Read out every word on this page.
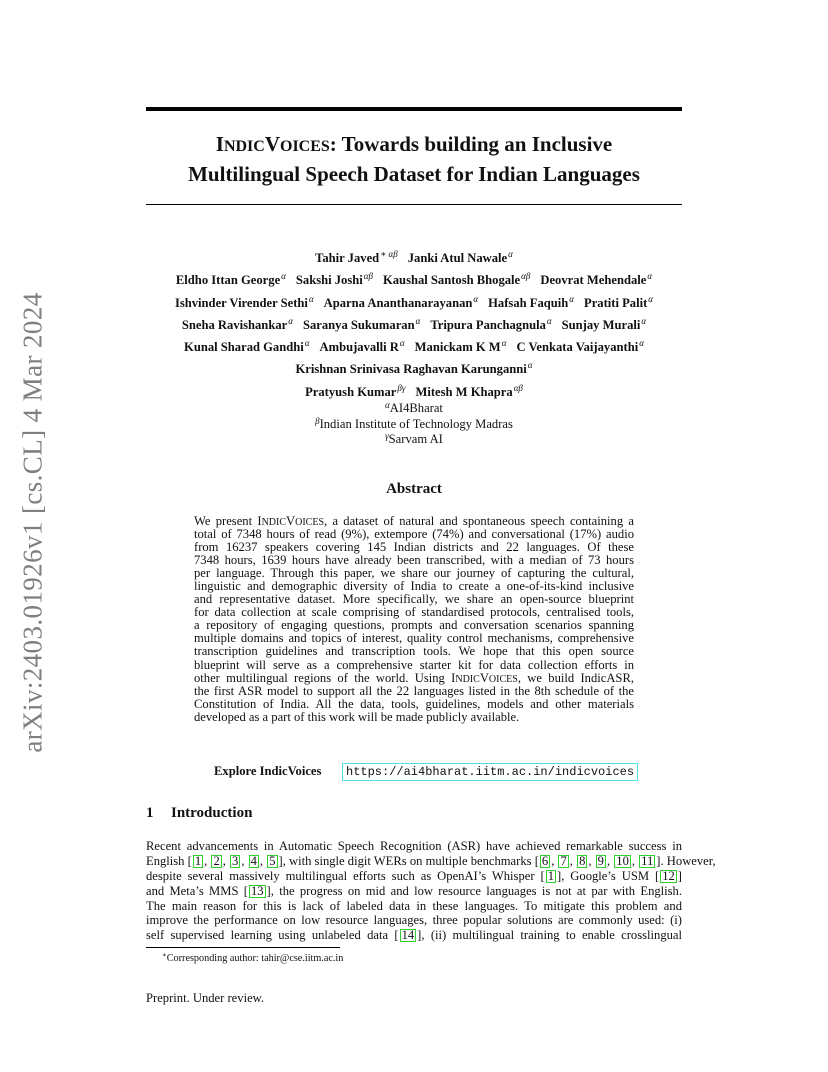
arXiv:2403.01926v1 [cs.CL] 4 Mar 2024
INDICVOICES: Towards building an Inclusive
Multilingual Speech Dataset for Indian Languages
Tahir Javed$^{∗ \alpha\beta}$ Janki Atul Nawale$^\alpha$
Eldho Ittan George$^\alpha$ Sakshi Joshi$^{\alpha\beta}$ Kaushal Santosh Bhogale$^{\alpha\beta}$ Deovrat Mehendale$^\alpha$
Ishvinder Virender Sethi$^\alpha$ Aparna Ananthanarayanan$^\alpha$ Hafsah Faquih$^\alpha$ Pratiti Palit$^\alpha$
Sneha Ravishankar$^\alpha$ Saranya Sukumaran$^\alpha$ Tripura Panchagnula$^\alpha$ Sunjay Murali$^\alpha$
Kunal Sharad Gandhi$^\alpha$ Ambujavalli $R^\alpha$ Manickam K $M^\alpha$ C Venkata Vaijayanthi$^\alpha$
Krishnan Srinivasa Raghavan Karunganni$^\alpha$
Pratyush Kumar$^{\beta\gamma}$ Mitesh M Khapra$^{\alpha\beta}$
$^\alpha$AI4Bharat
$^\beta$Indian Institute of Technology Madras
$^\gamma$Sarvam AI
Abstract
We present INDICVOICES, a dataset of natural and spontaneous speech containing a
total of 7348 hours of read (9%), extempore (74%) and conversational (17%) audio
from 16237 speakers covering 145 Indian districts and 22 languages. Of these
7348 hours, 1639 hours have already been transcribed, with a median of 73 hours
per language. Through this paper, we share our journey of capturing the cultural,
linguistic and demographic diversity of India to create a one-of-its-kind inclusive
and representative dataset. More specifically, we share an open-source blueprint
for data collection at scale comprising of standardised protocols, centralised tools,
a repository of engaging questions, prompts and conversation scenarios spanning
multiple domains and topics of interest, quality control mechanisms, comprehensive
transcription guidelines and transcription tools. We hope that this open source
blueprint will serve as a comprehensive starter kit for data collection efforts in
other multilingual regions of the world. Using INDICVOICES, we build IndicASR,
the first ASR model to support all the 22 languages listed in the 8th schedule of the
Constitution of India. All the data, tools, guidelines, models and other materials
developed as a part of this work will be made publicly available.
Explore IndicVoices	https://ai4bharat.iitm.ac.in/indicvoices
1 Introduction
Recent advancements in Automatic Speech Recognition (ASR) have achieved remarkable success in
English [ 1 , 2 , 3 , 4 , 5 ], with single digit WERs on multiple benchmarks [ 6 , 7 , 8 , 9 , 10 , 11 ]. However,
despite several massively multilingual efforts such as OpenAI’s Whisper [ 1 ], Google’s USM [ 12 ]
and Meta’s MMS [ 13 ], the progress on mid and low resource languages is not at par with English.
The main reason for this is lack of labeled data in these languages. To mitigate this problem and
improve the performance on low resource languages, three popular solutions are commonly used: (i)
self supervised learning using unlabeled data [ 14 ], (ii) multilingual training to enable crosslingual
∗Corresponding author: tahir@cse.iitm.ac.in
Preprint. Under review.
